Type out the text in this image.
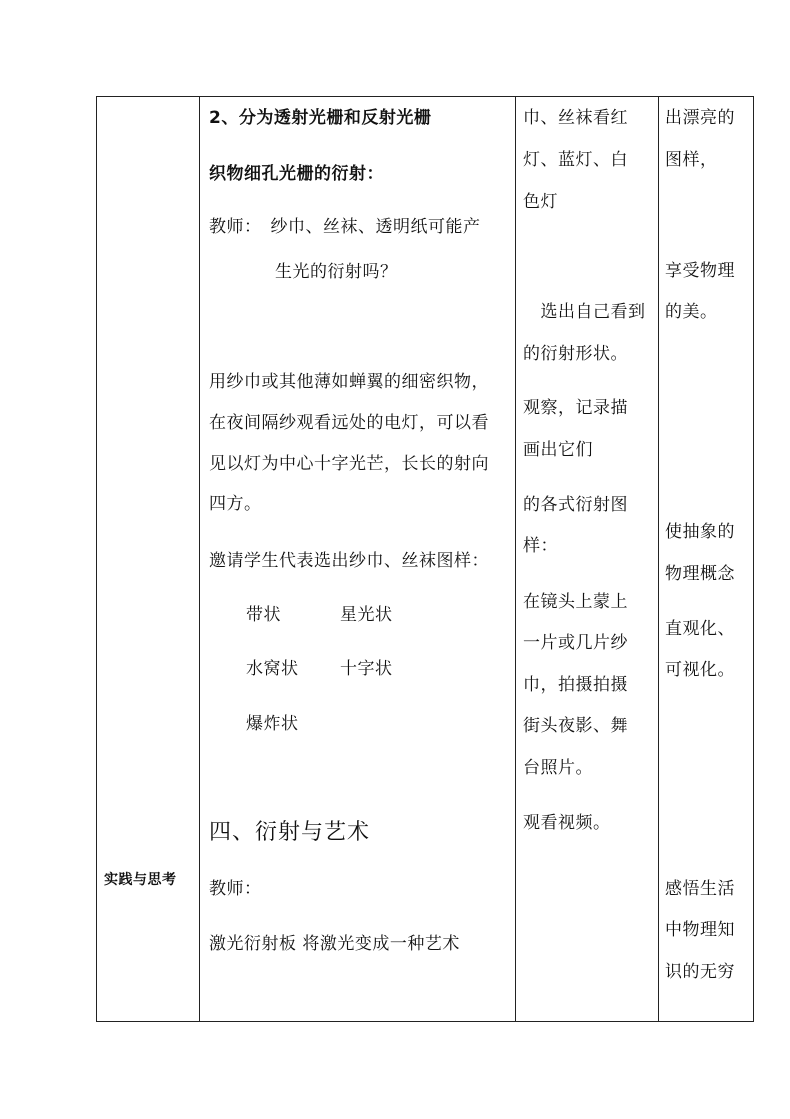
实践与思考
2、分为透射光栅和反射光栅
织物细孔光栅的衍射：
教师：　纱巾、丝袜、透明纸可能产
生光的衍射吗？
用纱巾或其他薄如蝉翼的细密织物，
在夜间隔纱观看远处的电灯，可以看
见以灯为中心十字光芒，长长的射向
四方。
邀请学生代表选出纱巾、丝袜图样：
带状	星光状
水窝状 十字状
爆炸状
四、衍射与艺术
教师：
激光衍射板 将激光变成一种艺术
巾、丝袜看红
灯、蓝灯、白
色灯
　选出自己看到
的衍射形状。
观察，记录描
画出它们
的各式衍射图
样：
在镜头上蒙上
一片或几片纱
巾，拍摄拍摄
街头夜影、舞
台照片。
观看视频。
出漂亮的
图样，
享受物理
的美。
使抽象的
物理概念
直观化、
可视化。
感悟生活
中物理知
识的无穷
